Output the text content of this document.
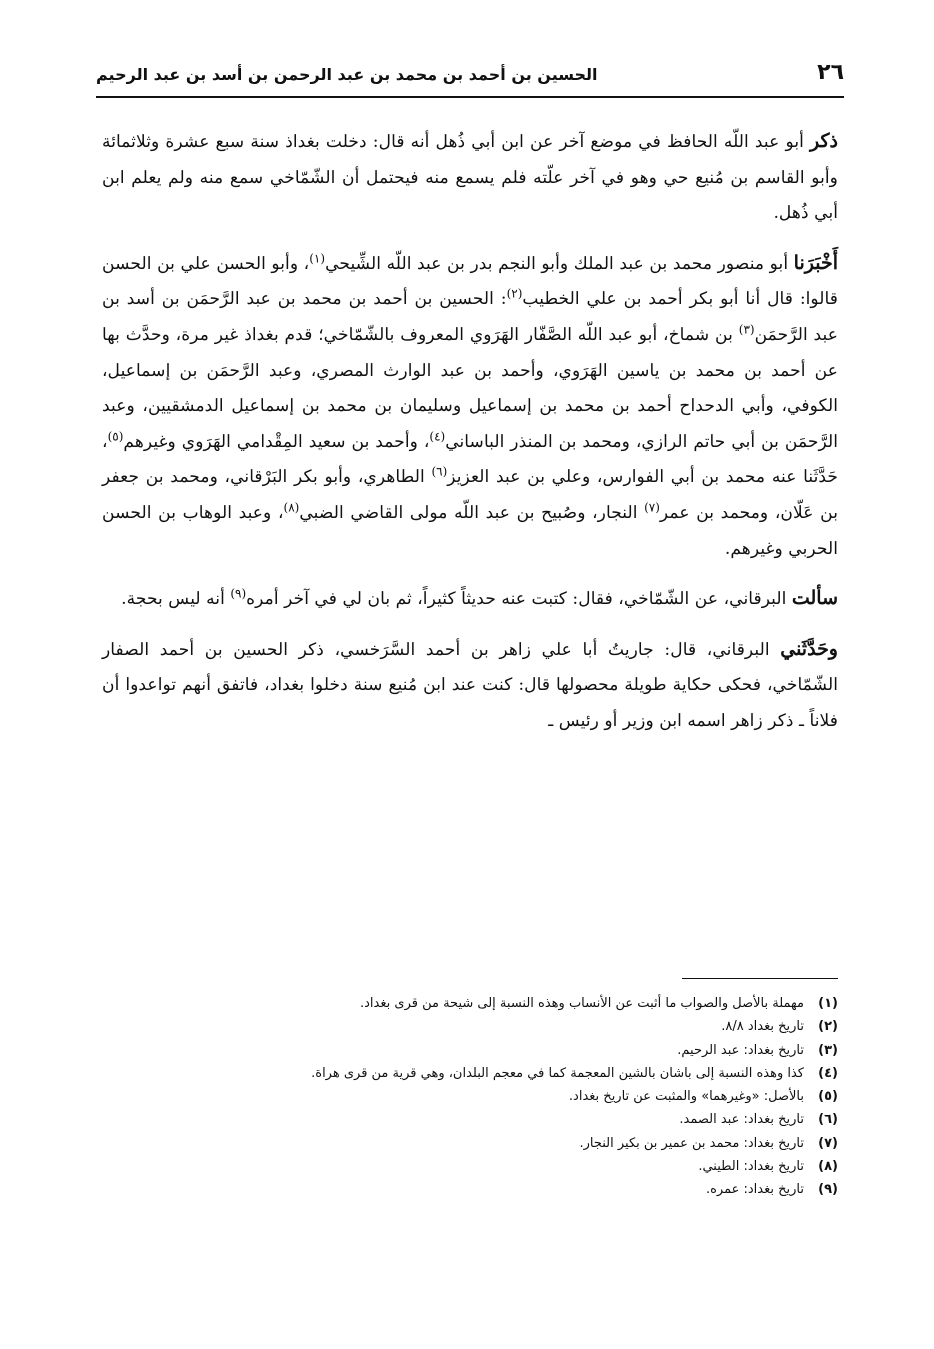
٢٦
الحسين بن أحمد بن محمد بن عبد الرحمن بن أسد بن عبد الرحيم

ذكر أبو عبد اللّه الحافظ في موضع آخر عن ابن أبي ذُهل أنه قال: دخلت بغداذ سنة سبع عشرة وثلاثمائة وأبو القاسم بن مُنيع حي وهو في آخر علّته فلم يسمع منه فيحتمل أن الشّمّاخي سمع منه ولم يعلم ابن أبي ذُهل.

أَخْبَرَنا أبو منصور محمد بن عبد الملك وأبو النجم بدر بن عبد اللّه الشِّيحي$^{(١)}$، وأبو الحسن علي بن الحسن قالوا: قال أنا أبو بكر أحمد بن علي الخطيب$^{(٢)}$: الحسين بن أحمد بن محمد بن عبد الرَّحمَن بن أسد بن عبد الرَّحمَن$^{(٣)}$ بن شماخ، أبو عبد اللّه الصَّفّار الهَرَوي المعروف بالشّمّاخي؛ قدم بغداذ غير مرة، وحدَّث بها عن أحمد بن محمد بن ياسين الهَرَوي، وأحمد بن عبد الوارث المصري، وعبد الرَّحمَن بن إسماعيل، الكوفي، وأبي الدحداح أحمد بن محمد بن إسماعيل وسليمان بن محمد بن إسماعيل الدمشقيين، وعبد الرَّحمَن بن أبي حاتم الرازي، ومحمد بن المنذر الباساني$^{(٤)}$، وأحمد بن سعيد المِقْدامي الهَرَوي وغيرهم$^{(٥)}$، حَدَّثَنا عنه محمد بن أبي الفوارس، وعلي بن عبد العزيز$^{(٦)}$ الطاهري، وأبو بكر البَرْقاني، ومحمد بن جعفر بن عَلّان، ومحمد بن عمر$^{(٧)}$ النجار، وصُبيح بن عبد اللّه مولى القاضي الضبي$^{(٨)}$، وعبد الوهاب بن الحسن الحربي وغيرهم.

سألت البرقاني، عن الشّمّاخي، فقال: كتبت عنه حديثاً كثيراً، ثم بان لي في آخر أمره$^{(٩)}$ أنه ليس بحجة.

وحَدَّثَني البرقاني، قال: جاريتُ أبا علي زاهر بن أحمد السَّرَخسي، ذكر الحسين بن أحمد الصفار الشّمّاخي، فحكى حكاية طويلة محصولها قال: كنت عند ابن مُنيع سنة دخلوا بغداد، فاتفق أنهم تواعدوا أن فلاناً ـ ذكر زاهر اسمه ابن وزير أو رئيس ـ

(١)
مهملة بالأصل والصواب ما أثبت عن الأنساب وهذه النسبة إلى شيحة من قرى بغداد.
(٢)
تاريخ بغداد ٨/٨.
(٣)
تاريخ بغداد: عبد الرحيم.
(٤)
كذا وهذه النسبة إلى باشان بالشين المعجمة كما في معجم البلدان، وهي قرية من قرى هراة.
(٥)
بالأصل: «وغيرهما» والمثبت عن تاريخ بغداد.
(٦)
تاريخ بغداد: عبد الصمد.
(٧)
تاريخ بغداد: محمد بن عمير بن بكير النجار.
(٨)
تاريخ بغداد: الطيني.
(٩)
تاريخ بغداد: عمره.
